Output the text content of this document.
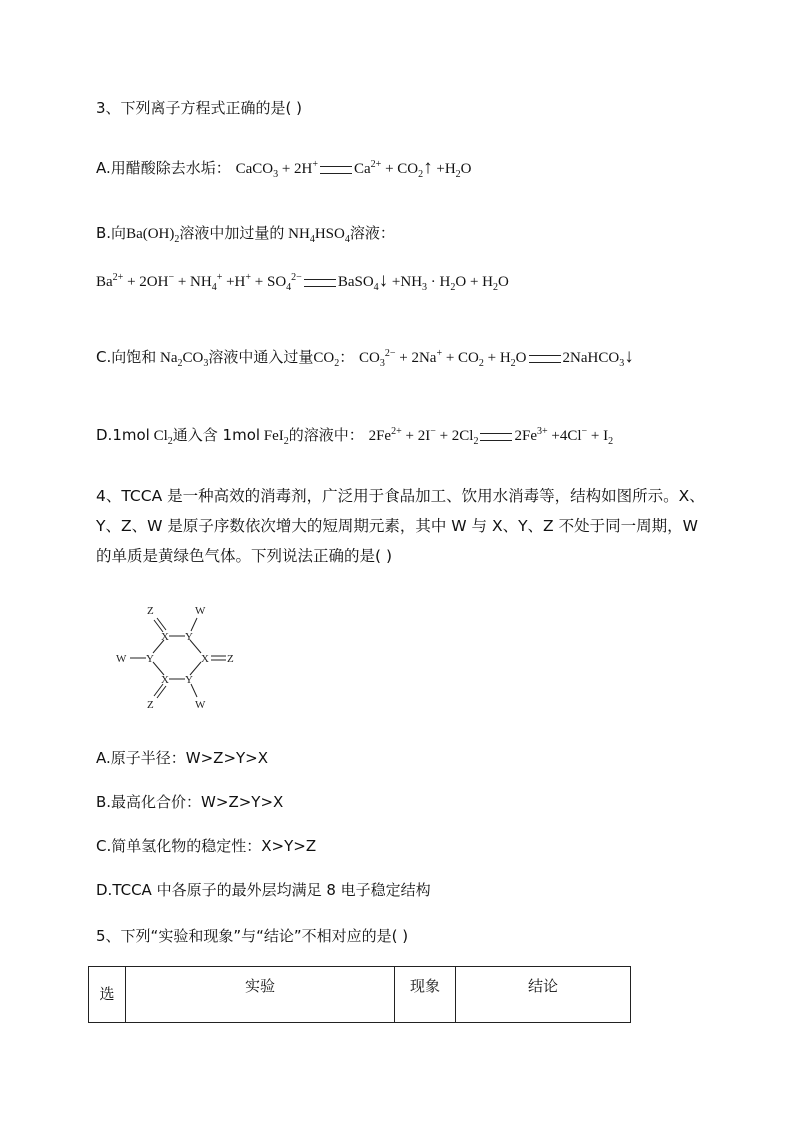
3、下列离子方程式正确的是( )
A.用醋酸除去水垢： CaCO$_3$ + 2H+ $Ca^{2+}$ + $CO_2↑ +H_2O$
B.向$Ba(OH)_2$溶液中加过量的 $NH_4HSO_4$溶液：
$Ba^{2+} + 2OH^- + NH_4^+ +H^+ + SO_4^{2-}$ BaSO$_4$↓ $+NH_3 \cdot H_2O + H_2O$
C.向饱和 $Na_2CO_3$溶液中通入过量$CO_2$： $CO_3^{2-} + 2Na^+ + CO_2 + H_2O$ 2NaHCO$_3$↓
D.1mol $Cl_2$通入含 1mol FeI$_2$的溶液中： $2Fe^{2+} + 2I^- + 2Cl_2$ $2Fe^{3+} +4Cl^- + I_2$
4、TCCA 是一种高效的消毒剂，广泛用于食品加工、饮用水消毒等，结构如图所示。X、Y、Z、W 是原子序数依次增大的短周期元素，其中 W 与 X、Y、Z 不处于同一周期，W 的单质是黄绿色气体。下列说法正确的是( )
Z	W
X Y
W Y	X Z
X Y
Z	W
A.原子半径：W>Z>Y>X
B.最高化合价：W>Z>Y>X
C.简单氢化物的稳定性：X>Y>Z
D.TCCA 中各原子的最外层均满足 8 电子稳定结构
5、下列“实验和现象”与“结论”不相对应的是( )
选	实验	现象	结论
